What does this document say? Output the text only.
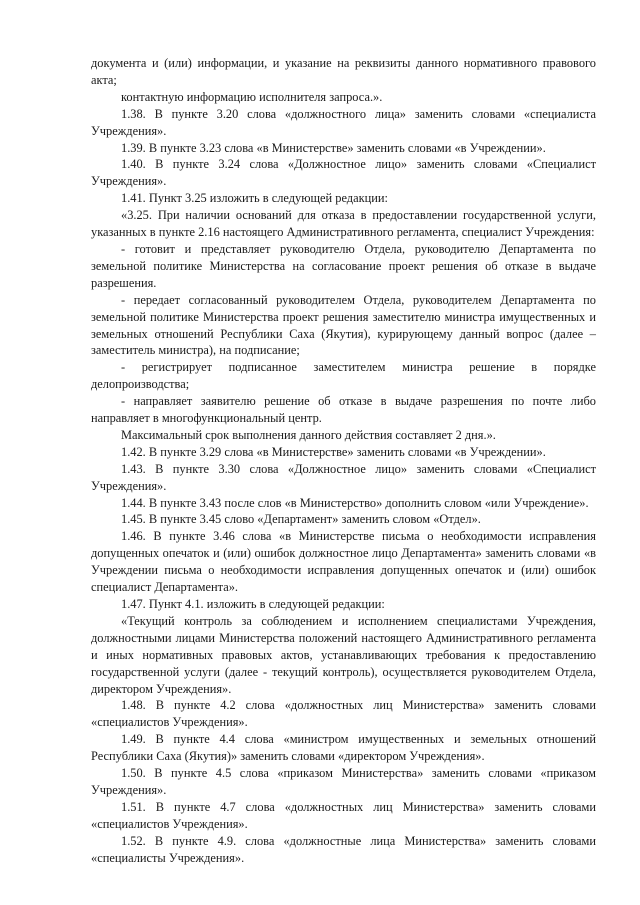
документа и (или) информации, и указание на реквизиты данного нормативного правового акта;

контактную информацию исполнителя запроса.».

1.38. В пункте 3.20 слова «должностного лица» заменить словами «специалиста Учреждения».

1.39. В пункте 3.23 слова «в Министерстве» заменить словами «в Учреждении».

1.40. В пункте 3.24 слова «Должностное лицо» заменить словами «Специалист Учреждения».

1.41. Пункт 3.25 изложить в следующей редакции:

«3.25. При наличии оснований для отказа в предоставлении государственной услуги, указанных в пункте 2.16 настоящего Административного регламента, специалист Учреждения:

- готовит и представляет руководителю Отдела, руководителю Департамента по земельной политике Министерства на согласование проект решения об отказе в выдаче разрешения.

- передает согласованный руководителем Отдела, руководителем Департамента по земельной политике Министерства проект решения заместителю министра имущественных и земельных отношений Республики Саха (Якутия), курирующему данный вопрос (далее – заместитель министра), на подписание;

- регистрирует подписанное заместителем министра решение в порядке делопроизводства;

- направляет заявителю решение об отказе в выдаче разрешения по почте либо направляет в многофункциональный центр.

Максимальный срок выполнения данного действия составляет 2 дня.».

1.42. В пункте 3.29 слова «в Министерстве» заменить словами «в Учреждении».

1.43. В пункте 3.30 слова «Должностное лицо» заменить словами «Специалист Учреждения».

1.44. В пункте 3.43 после слов «в Министерство» дополнить словом «или Учреждение».

1.45. В пункте 3.45 слово «Департамент» заменить словом «Отдел».

1.46. В пункте 3.46 слова «в Министерстве письма о необходимости исправления допущенных опечаток и (или) ошибок должностное лицо Департамента» заменить словами «в Учреждении письма о необходимости исправления допущенных опечаток и (или) ошибок специалист Департамента».

1.47. Пункт 4.1. изложить в следующей редакции:

«Текущий контроль за соблюдением и исполнением специалистами Учреждения, должностными лицами Министерства положений настоящего Административного регламента и иных нормативных правовых актов, устанавливающих требования к предоставлению государственной услуги (далее - текущий контроль), осуществляется руководителем Отдела, директором Учреждения».

1.48. В пункте 4.2 слова «должностных лиц Министерства» заменить словами «специалистов Учреждения».

1.49. В пункте 4.4 слова «министром имущественных и земельных отношений Республики Саха (Якутия)» заменить словами «директором Учреждения».

1.50. В пункте 4.5 слова «приказом Министерства» заменить словами «приказом Учреждения».

1.51. В пункте 4.7 слова «должностных лиц Министерства» заменить словами «специалистов Учреждения».

1.52. В пункте 4.9. слова «должностные лица Министерства» заменить словами «специалисты Учреждения».
